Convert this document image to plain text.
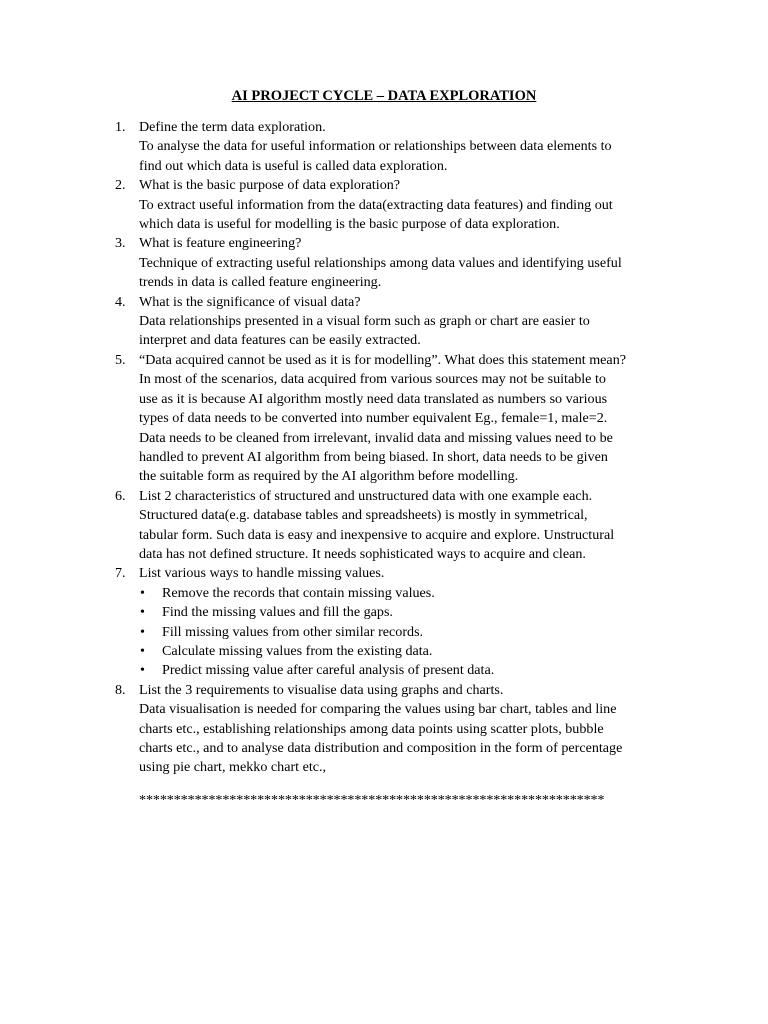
AI PROJECT CYCLE – DATA EXPLORATION
1. Define the term data exploration.
To analyse the data for useful information or relationships between data elements to
find out which data is useful is called data exploration.
2. What is the basic purpose of data exploration?
To extract useful information from the data(extracting data features) and finding out
which data is useful for modelling is the basic purpose of data exploration.
3. What is feature engineering?
Technique of extracting useful relationships among data values and identifying useful
trends in data is called feature engineering.
4. What is the significance of visual data?
Data relationships presented in a visual form such as graph or chart are easier to
interpret and data features can be easily extracted.
5. “Data acquired cannot be used as it is for modelling”. What does this statement mean?
In most of the scenarios, data acquired from various sources may not be suitable to
use as it is because AI algorithm mostly need data translated as numbers so various
types of data needs to be converted into number equivalent Eg., female=1, male=2.
Data needs to be cleaned from irrelevant, invalid data and missing values need to be
handled to prevent AI algorithm from being biased. In short, data needs to be given
the suitable form as required by the AI algorithm before modelling.
6. List 2 characteristics of structured and unstructured data with one example each.
Structured data(e.g. database tables and spreadsheets) is mostly in symmetrical,
tabular form. Such data is easy and inexpensive to acquire and explore. Unstructural
data has not defined structure. It needs sophisticated ways to acquire and clean.
7. List various ways to handle missing values.
• Remove the records that contain missing values.
• Find the missing values and fill the gaps.
• Fill missing values from other similar records.
• Calculate missing values from the existing data.
• Predict missing value after careful analysis of present data.
8. List the 3 requirements to visualise data using graphs and charts.
Data visualisation is needed for comparing the values using bar chart, tables and line
charts etc., establishing relationships among data points using scatter plots, bubble
charts etc., and to analyse data distribution and composition in the form of percentage
using pie chart, mekko chart etc.,
*******************************************************************
